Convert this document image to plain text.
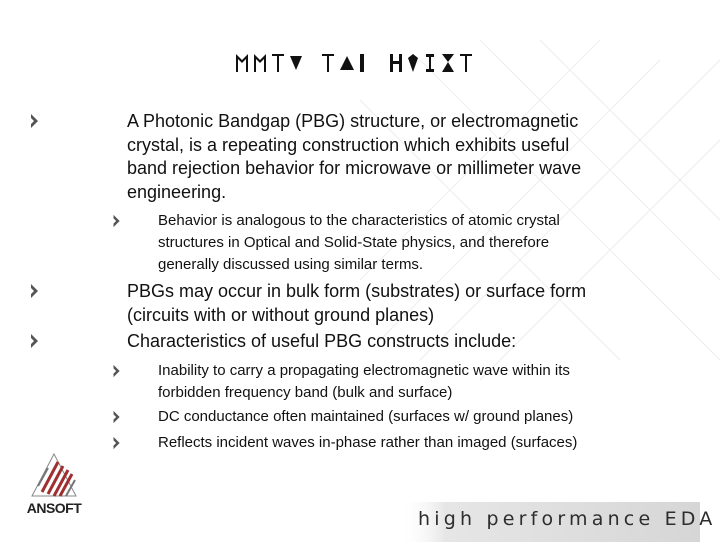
A Photonic Bandgap (PBG) structure, or electromagnetic
crystal, is a repeating construction which exhibits useful
band rejection behavior for microwave or millimeter wave
engineering.
Behavior is analogous to the characteristics of atomic crystal
structures in Optical and Solid-State physics, and therefore
generally discussed using similar terms.
PBGs may occur in bulk form (substrates) or surface form
(circuits with or without ground planes)
Characteristics of useful PBG constructs include:
Inability to carry a propagating electromagnetic wave within its
forbidden frequency band (bulk and surface)
DC conductance often maintained (surfaces w/ ground planes)
Reflects incident waves in-phase rather than imaged (surfaces)
high performance EDA
ANSOFT
